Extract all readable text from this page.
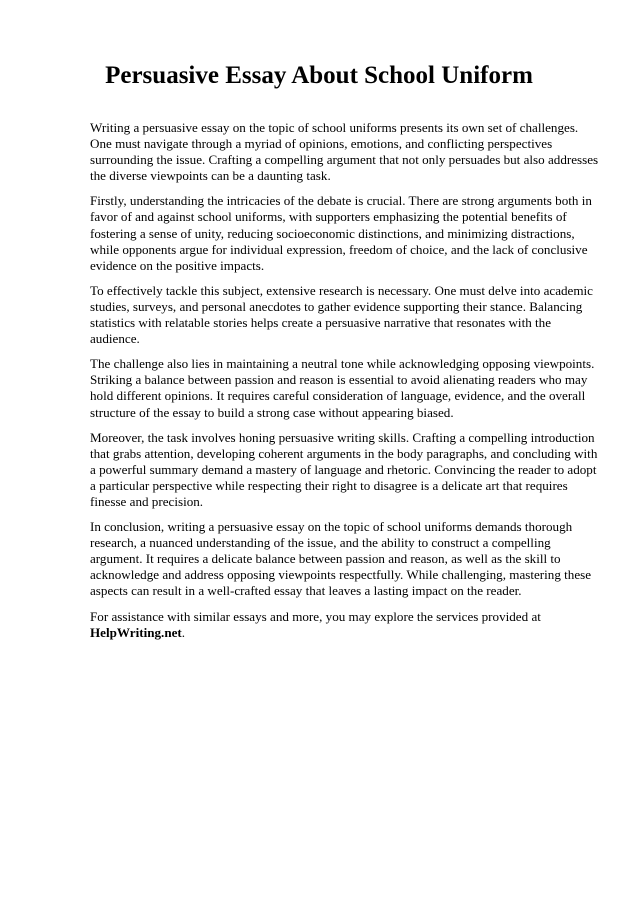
Persuasive Essay About School Uniform

Writing a persuasive essay on the topic of school uniforms presents its own set of challenges. One must navigate through a myriad of opinions, emotions, and conflicting perspectives surrounding the issue. Crafting a compelling argument that not only persuades but also addresses the diverse viewpoints can be a daunting task.

Firstly, understanding the intricacies of the debate is crucial. There are strong arguments both in favor of and against school uniforms, with supporters emphasizing the potential benefits of fostering a sense of unity, reducing socioeconomic distinctions, and minimizing distractions, while opponents argue for individual expression, freedom of choice, and the lack of conclusive evidence on the positive impacts.

To effectively tackle this subject, extensive research is necessary. One must delve into academic studies, surveys, and personal anecdotes to gather evidence supporting their stance. Balancing statistics with relatable stories helps create a persuasive narrative that resonates with the audience.

The challenge also lies in maintaining a neutral tone while acknowledging opposing viewpoints. Striking a balance between passion and reason is essential to avoid alienating readers who may hold different opinions. It requires careful consideration of language, evidence, and the overall structure of the essay to build a strong case without appearing biased.

Moreover, the task involves honing persuasive writing skills. Crafting a compelling introduction that grabs attention, developing coherent arguments in the body paragraphs, and concluding with a powerful summary demand a mastery of language and rhetoric. Convincing the reader to adopt a particular perspective while respecting their right to disagree is a delicate art that requires finesse and precision.

In conclusion, writing a persuasive essay on the topic of school uniforms demands thorough research, a nuanced understanding of the issue, and the ability to construct a compelling argument. It requires a delicate balance between passion and reason, as well as the skill to acknowledge and address opposing viewpoints respectfully. While challenging, mastering these aspects can result in a well-crafted essay that leaves a lasting impact on the reader.

For assistance with similar essays and more, you may explore the services provided at
HelpWriting.net.
